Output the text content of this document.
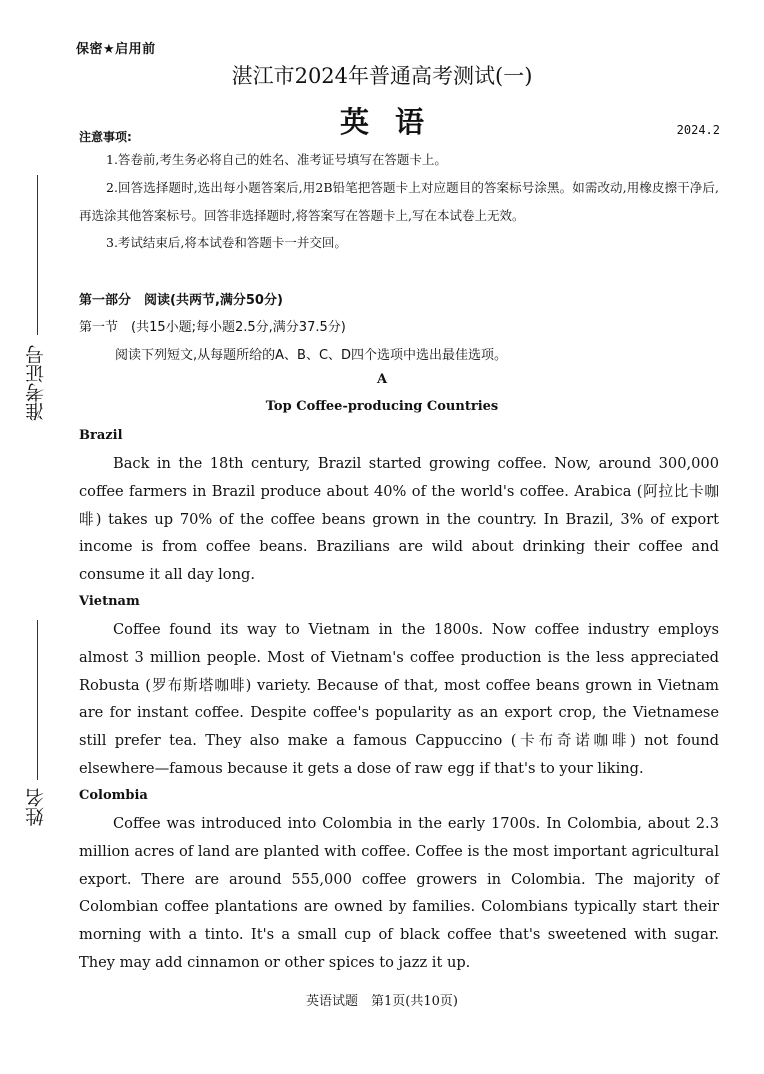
保密★启用前
湛江市2024年普通高考测试(一)
英语
注意事项:	2024.2

1.答卷前,考生务必将自己的姓名、准考证号填写在答题卡上。

2.回答选择题时,选出每小题答案后,用2B铅笔把答题卡上对应题目的答案标号涂黑。如需改动,用橡皮擦干净后,再选涂其他答案标号。回答非选择题时,将答案写在答题卡上,写在本试卷上无效。

3.考试结束后,将本试卷和答题卡一并交回。

第一部分　阅读(共两节,满分50分)
第一节　(共15小题;每小题2.5分,满分37.5分)
阅读下列短文,从每题所给的A、B、C、D四个选项中选出最佳选项。
A
Top Coffee-producing Countries
Brazil

Back in the 18th century, Brazil started growing coffee. Now, around 300,000 coffee farmers in Brazil produce about 40% of the world's coffee. Arabica (阿拉比卡咖啡) takes up 70% of the coffee beans grown in the country. In Brazil, 3% of export income is from coffee beans. Brazilians are wild about drinking their coffee and consume it all day long.

Vietnam

Coffee found its way to Vietnam in the 1800s. Now coffee industry employs almost 3 million people. Most of Vietnam's coffee production is the less appreciated Robusta (罗布斯塔咖啡) variety. Because of that, most coffee beans grown in Vietnam are for instant coffee. Despite coffee's popularity as an export crop, the Vietnamese still prefer tea. They also make a famous Cappuccino (卡布奇诺咖啡) not found elsewhere—famous because it gets a dose of raw egg if that's to your liking.

Colombia

Coffee was introduced into Colombia in the early 1700s. In Colombia, about 2.3 million acres of land are planted with coffee. Coffee is the most important agricultural export. There are around 555,000 coffee growers in Colombia. The majority of Colombian coffee plantations are owned by families. Colombians typically start their morning with a tinto. It's a small cup of black coffee that's sweetened with sugar. They may add cinnamon or other spices to jazz it up.

准考证号
姓名
英语试题　第1页(共10页)
